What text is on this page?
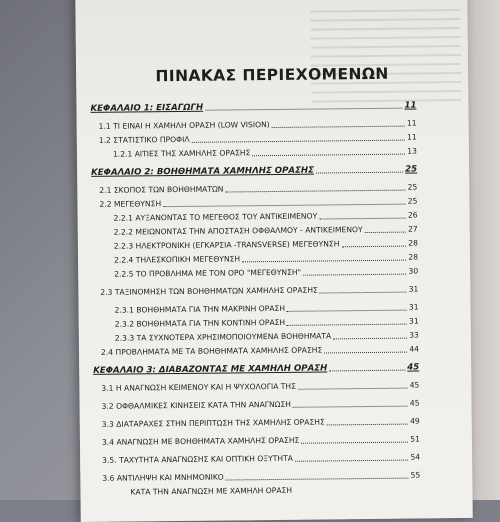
ΠΙΝΑΚΑΣ ΠΕΡΙΕΧΟΜΕΝΩΝ
ΚΕΦΑΛΑΙΟ 1: ΕΙΣΑΓΩΓΗ	11
1.1 ΤΙ ΕΙΝΑΙ Η ΧΑΜΗΛΗ ΟΡΑΣΗ (LOW VISION)	11
1.2 ΣΤΑΤΙΣΤΙΚΟ ΠΡΟΦΙΛ	11
1.2.1 ΑΙΤΙΕΣ ΤΗΣ ΧΑΜΗΛΗΣ ΟΡΑΣΗΣ	13
ΚΕΦΑΛΑΙΟ 2: ΒΟΗΘΗΜΑΤΑ ΧΑΜΗΛΗΣ ΟΡΑΣΗΣ	25
2.1 ΣΚΟΠΟΣ ΤΩΝ ΒΟΗΘΗΜΑΤΩΝ	25
2.2 ΜΕΓΕΘΥΝΣΗ	25
2.2.1 ΑΥΞΑΝΟΝΤΑΣ ΤΟ ΜΕΓΕΘΟΣ ΤΟΥ ΑΝΤΙΚΕΙΜΕΝΟΥ	26
2.2.2 ΜΕΙΩΝΟΝΤΑΣ ΤΗΝ ΑΠΟΣΤΑΣΗ ΟΦΘΑΛΜΟΥ - ΑΝΤΙΚΕΙΜΕΝΟΥ	27
2.2.3 ΗΛΕΚΤΡΟΝΙΚΗ (ΕΓΚΑΡΣΙΑ -TRANSVERSE) ΜΕΓΕΘΥΝΣΗ	28
2.2.4 ΤΗΛΕΣΚΟΠΙΚΗ ΜΕΓΕΘΥΝΣΗ	28
2.2.5 ΤΟ ΠΡΟΒΛΗΜΑ ΜΕ ΤΟΝ ΟΡΟ "ΜΕΓΕΘΥΝΣΗ"	30
2.3 ΤΑΞΙΝΟΜΗΣΗ ΤΩΝ ΒΟΗΘΗΜΑΤΩΝ ΧΑΜΗΛΗΣ ΟΡΑΣΗΣ	31
2.3.1 ΒΟΗΘΗΜΑΤΑ ΓΙΑ ΤΗΝ ΜΑΚΡΙΝΗ ΟΡΑΣΗ	31
2.3.2 ΒΟΗΘΗΜΑΤΑ ΓΙΑ ΤΗΝ ΚΟΝΤΙΝΗ ΟΡΑΣΗ	31
2.3.3 ΤΑ ΣΥΧΝΟΤΕΡΑ ΧΡΗΣΙΜΟΠΟΙΟΥΜΕΝΑ ΒΟΗΘΗΜΑΤΑ	33
2.4 ΠΡΟΒΛΗΜΑΤΑ ΜΕ ΤΑ ΒΟΗΘΗΜΑΤΑ ΧΑΜΗΛΗΣ ΟΡΑΣΗΣ	44
ΚΕΦΑΛΑΙΟ 3: ΔΙΑΒΑΖΟΝΤΑΣ ΜΕ ΧΑΜΗΛΗ ΟΡΑΣΗ	45
3.1 Η ΑΝΑΓΝΩΣΗ ΚΕΙΜΕΝΟΥ ΚΑΙ Η ΨΥΧΟΛΟΓΙΑ ΤΗΣ	45
3.2 ΟΦΘΑΛΜΙΚΕΣ ΚΙΝΗΣΕΙΣ ΚΑΤΑ ΤΗΝ ΑΝΑΓΝΩΣΗ	45
3.3 ΔΙΑΤΑΡΑΧΕΣ ΣΤΗΝ ΠΕΡΙΠΤΩΣΗ ΤΗΣ ΧΑΜΗΛΗΣ ΟΡΑΣΗΣ	49
3.4 ΑΝΑΓΝΩΣΗ ΜΕ ΒΟΗΘΗΜΑΤΑ ΧΑΜΗΛΗΣ ΟΡΑΣΗΣ	51
3.5. ΤΑΧΥΤΗΤΑ ΑΝΑΓΝΩΣΗΣ ΚΑΙ ΟΠΤΙΚΗ ΟΞΥΤΗΤΑ	54
3.6 ΑΝΤΙΛΗΨΗ ΚΑΙ ΜΝΗΜΟΝΙΚΟ	55
ΚΑΤΑ ΤΗΝ ΑΝΑΓΝΩΣΗ ΜΕ ΧΑΜΗΛΗ ΟΡΑΣΗ
